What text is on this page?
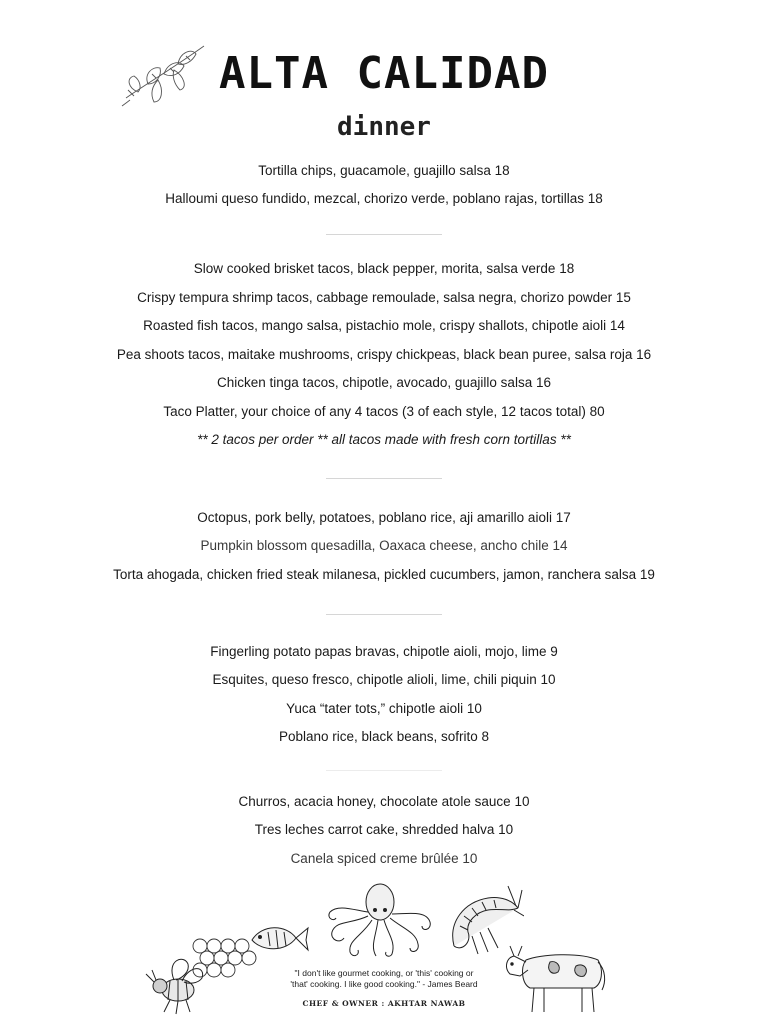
ALTA CALIDAD
dinner
Tortilla chips, guacamole, guajillo salsa 18
Halloumi queso fundido, mezcal, chorizo verde, poblano rajas, tortillas 18
Slow cooked brisket tacos, black pepper, morita, salsa verde 18
Crispy tempura shrimp tacos, cabbage remoulade, salsa negra, chorizo powder 15
Roasted fish tacos, mango salsa, pistachio mole, crispy shallots, chipotle aioli 14
Pea shoots tacos, maitake mushrooms, crispy chickpeas, black bean puree, salsa roja 16
Chicken tinga tacos, chipotle, avocado, guajillo salsa 16
Taco Platter, your choice of any 4 tacos (3 of each style, 12 tacos total) 80
** 2 tacos per order ** all tacos made with fresh corn tortillas **
Octopus, pork belly, potatoes, poblano rice, aji amarillo aioli 17
Pumpkin blossom quesadilla, Oaxaca cheese, ancho chile 14
Torta ahogada, chicken fried steak milanesa, pickled cucumbers, jamon, ranchera salsa 19
Fingerling potato papas bravas, chipotle aioli, mojo, lime 9
Esquites, queso fresco, chipotle alioli, lime, chili piquin 10
Yuca “tater tots,” chipotle aioli 10
Poblano rice, black beans, sofrito 8
Churros, acacia honey, chocolate atole sauce 10
Tres leches carrot cake, shredded halva 10
Canela spiced creme brûlée 10
"I don't like gourmet cooking, or 'this' cooking or
'that' cooking. I like good cooking." - James Beard
CHEF & OWNER : AKHTAR NAWAB
